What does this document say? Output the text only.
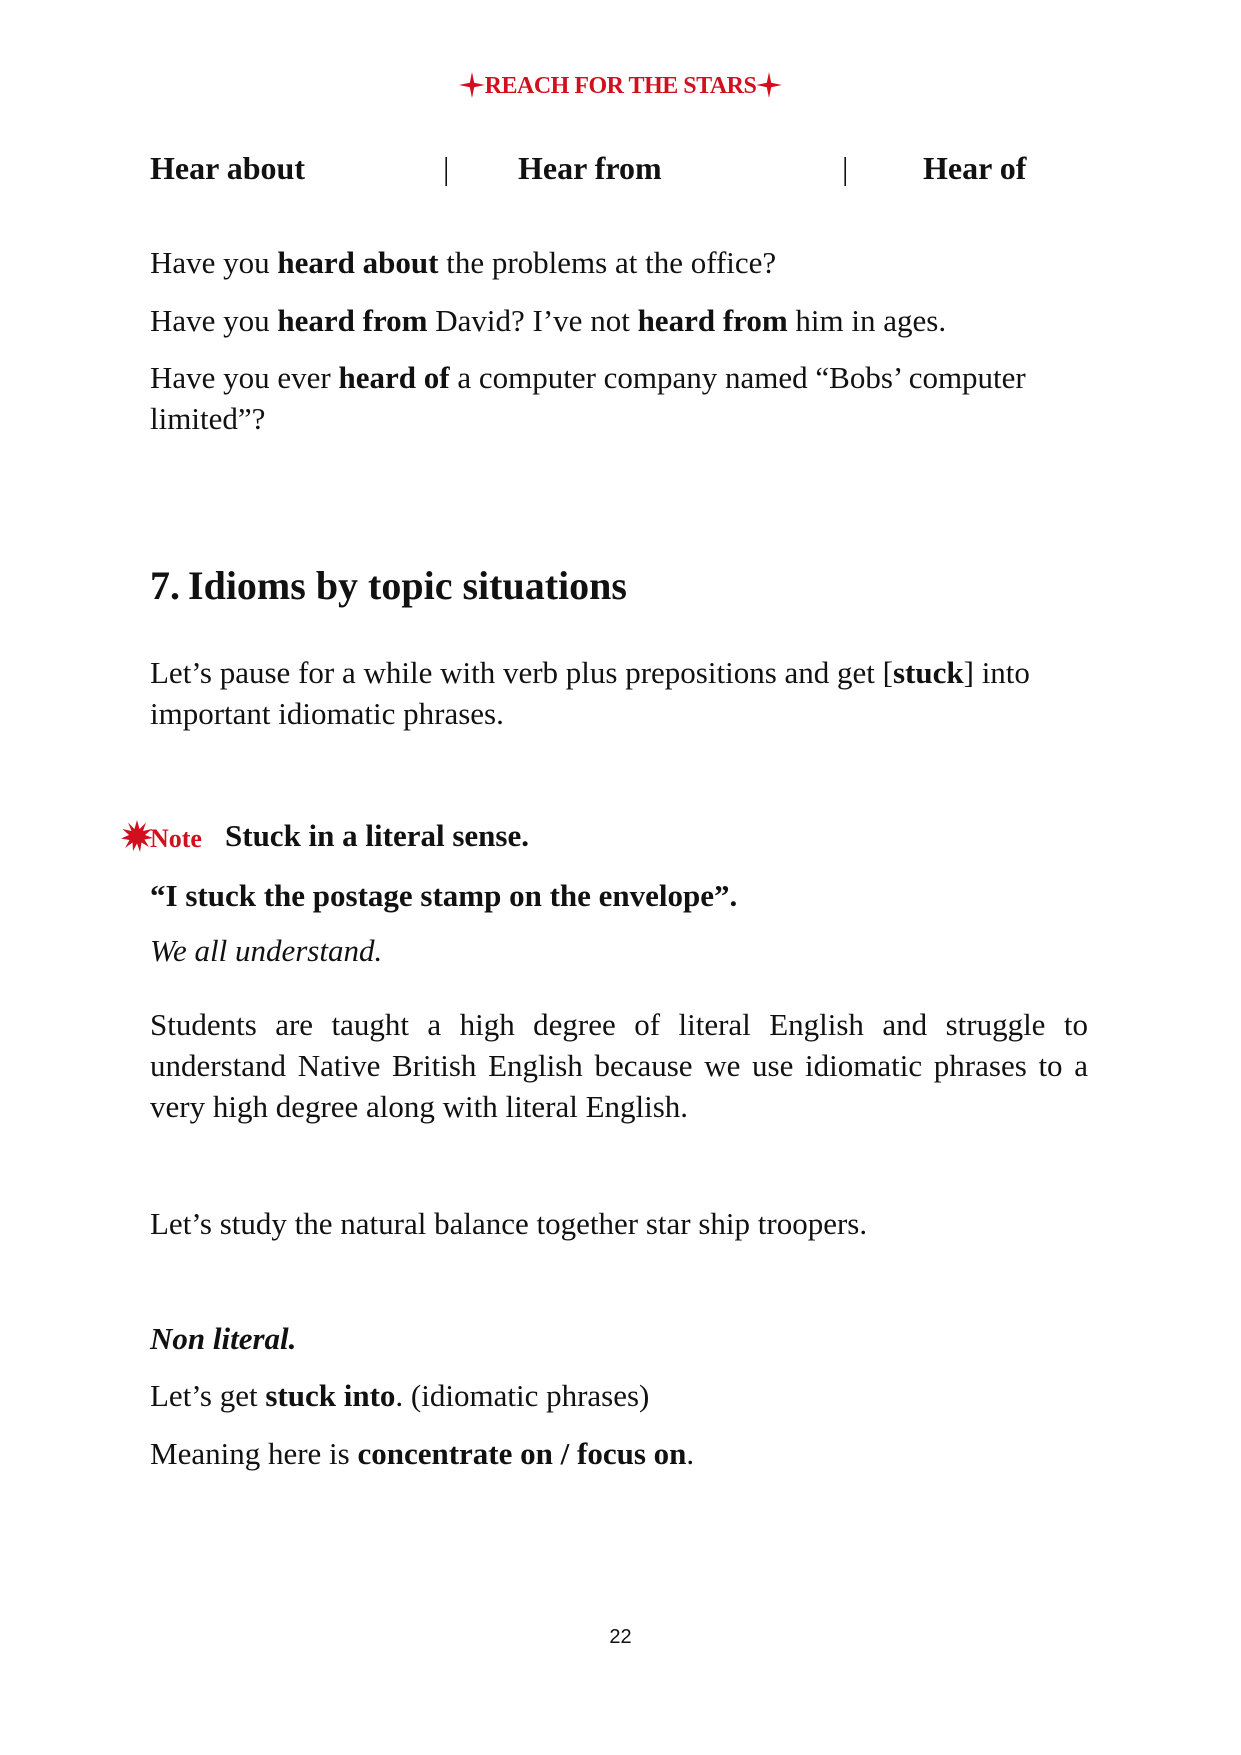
REACH FOR THE STARS
Hear about	| Hear from	| Hear of
Have you heard about the problems at the office?
Have you heard from David? I’ve not heard from him in ages.
Have you ever heard of a computer company named “Bobs’ computer limited”?
7. Idioms by topic situations
Let’s pause for a while with verb plus prepositions and get [stuck] into important idiomatic phrases.
Note Stuck in a literal sense.
“I stuck the postage stamp on the envelope”.
We all understand.
Students are taught a high degree of literal English and struggle to understand Native British English because we use idiomatic phrases to a very high degree along with literal English.
Let’s study the natural balance together star ship troopers.
Non literal.
Let’s get stuck into. (idiomatic phrases)
Meaning here is concentrate on / focus on.
22
